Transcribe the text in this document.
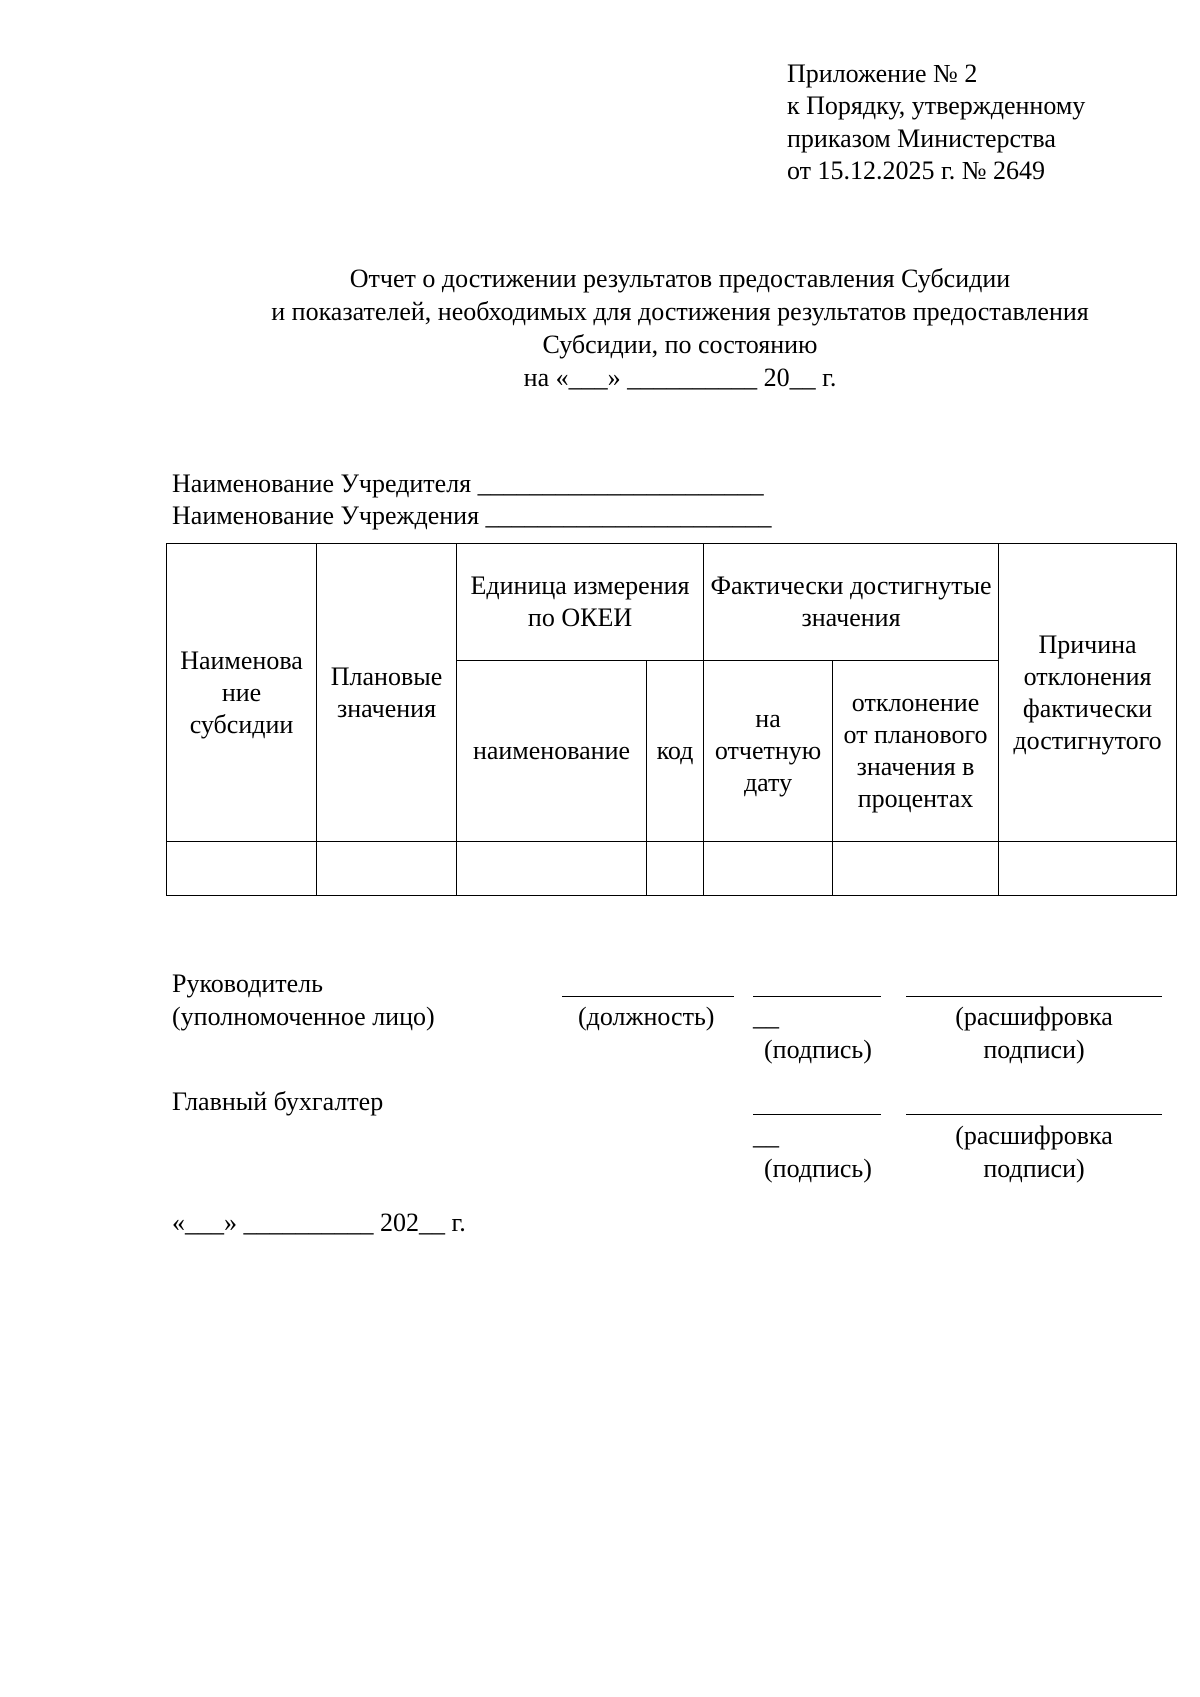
Приложение № 2
к Порядку, утвержденному
приказом Министерства
от 15.12.2025 г. № 2649
Отчет о достижении результатов предоставления Субсидии
и показателей, необходимых для достижения результатов предоставления
Субсидии, по состоянию
на «___» __________ 20__ г.
Наименование Учредителя ______________________
Наименование Учреждения ______________________
Наименова ние субсидии	Плановые значения	Единица измерения по ОКЕИ		Фактически достигнутые значения		Причина отклонения фактически достигнутого
		наименование	код	на отчетную дату	отклонение от планового значения в процентах	

Руководитель
(уполномоченное лицо)	(должность) __
(подпись)
(расшифровка
подписи)
Главный бухгалтер
__
(подпись)
(расшифровка
подписи)
«___» __________ 202__ г.
